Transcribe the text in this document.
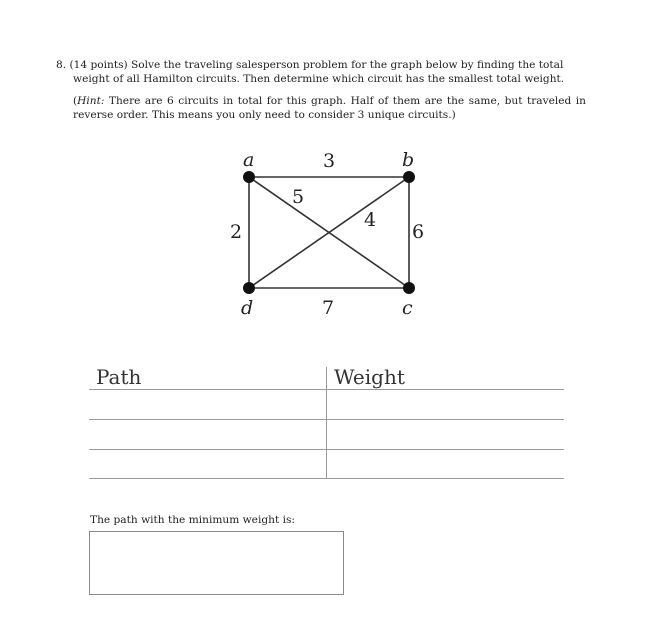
8. (14 points) Solve the traveling salesperson problem for the graph below by finding the total weight of all Hamilton circuits. Then determine which circuit has the smallest total weight.

(Hint: There are 6 circuits in total for this graph. Half of them are the same, but traveled in reverse order. This means you only need to consider 3 unique circuits.)

a	b
c
d
3
5
4
2	6
7
Path	Weight
The path with the minimum weight is:
